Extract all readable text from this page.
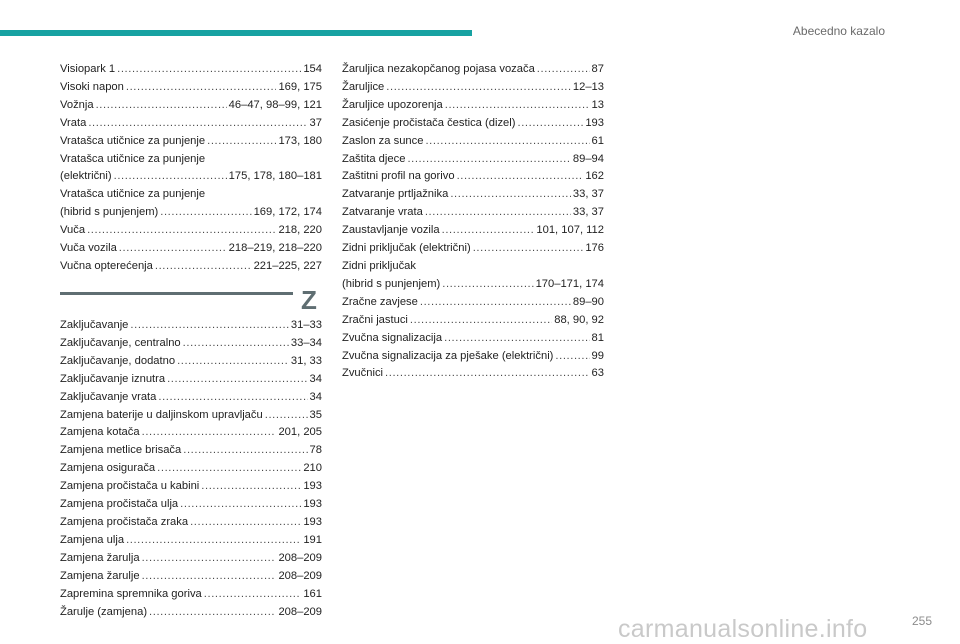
Abecedno kazalo
Visiopark 1 .....	154
Visoki napon .....	169, 175
Vožnja .....	46–47, 98–99, 121
Vrata .....	37
Vratašca utičnice za punjenje .....	173, 180
Vratašca utičnice za punjenje
(električni) .....	175, 178, 180–181
Vratašca utičnice za punjenje
(hibrid s punjenjem) .....	169, 172, 174
Vuča .....	218, 220
Vuča vozila .....	218–219, 218–220
Vučna opterećenja .....	221–225, 227
Z
Zaključavanje .....	31–33
Zaključavanje, centralno .....	33–34
Zaključavanje, dodatno .....	31, 33
Zaključavanje iznutra .....	34
Zaključavanje vrata .....	34
Zamjena baterije u daljinskom upravljaču .....	35
Zamjena kotača .....	201, 205
Zamjena metlice brisača .....	78
Zamjena osigurača .....	210
Zamjena pročistača u kabini .....	193
Zamjena pročistača ulja .....	193
Zamjena pročistača zraka .....	193
Zamjena ulja .....	191
Zamjena žarulja .....	208–209
Zamjena žarulje .....	208–209
Zapremina spremnika goriva .....	161
Žarulje (zamjena) .....	208–209
Žaruljica nezakopčanog pojasa vozača .....	87
Žaruljice .....	12–13
Žaruljice upozorenja .....	13
Zasićenje pročistača čestica (dizel) .....	193
Zaslon za sunce .....	61
Zaštita djece .....	89–94
Zaštitni profil na gorivo .....	162
Zatvaranje prtljažnika .....	33, 37
Zatvaranje vrata .....	33, 37
Zaustavljanje vozila .....	101, 107, 112
Zidni priključak (električni) .....	176
Zidni priključak
(hibrid s punjenjem) .....	170–171, 174
Zračne zavjese .....	89–90
Zračni jastuci .....	88, 90, 92
Zvučna signalizacija .....	81
Zvučna signalizacija za pješake (električni) .....	99
Zvučnici .....	63
255
carmanualsonline.info
